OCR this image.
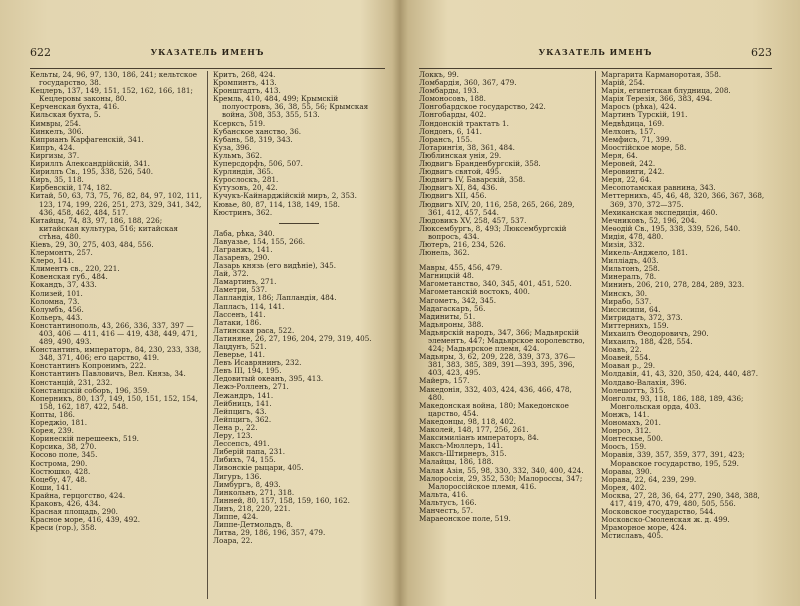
622	УКАЗАТЕЛЬ ИМЕНЪ

Кельты, 24, 96, 97, 130, 186, 241; кельтское государство, 38.

Кецлеръ, 137, 149, 151, 152, 162, 166, 181; Кецлеровы законы, 80.

Керченская бухта, 416.

Кильская бухта, 5.

Кимвры, 254.

Кинкелъ, 306.

Киприанъ Карфагенскій, 341.

Кипръ, 424.

Киргизы, 37.

Кириллъ Александрійскій, 341.

Кириллъ Св., 195, 338, 526, 540.

Киръ, 35, 118.

Кирбевскій, 174, 182.

Китай, 50, 63, 73, 75, 76, 82, 84, 97, 102, 111, 123, 174, 199, 226, 251, 273, 329, 341, 342, 436, 458, 462, 484, 517.

Китайцы, 74, 83, 97, 186, 188, 226; китайская культура, 516; китайская стѣна, 480.

Кіевъ, 29, 30, 275, 403, 484, 556.

Клермонтъ, 257.

Клеро, 141.

Климентъ св., 220, 221.

Ковенская губ., 484.

Кокандъ, 37, 433.

Колизей, 101.

Коломна, 73.

Колумбъ, 456.

Кольеръ, 443.

Константинополь, 43, 266, 336, 337, 397 — 403, 406 — 411, 416 — 419, 438, 449, 471, 489, 490, 493.

Константинъ, императоръ, 84, 230, 233, 338, 348, 371, 406; его царство, 419.

Константинъ Копронимъ, 222.

Константинъ Павловичъ, Вел. Князь, 34.

Констанцій, 231, 232.

Констанцскій соборъ, 196, 359.

Коперникъ, 80, 137, 149, 150, 151, 152, 154, 158, 162, 187, 422, 548.

Копты, 186.

Кореджіо, 181.

Корея, 239.

Коринескій перешеекъ, 519.

Корсика, 38, 270.

Косово поле, 345.

Кострома, 290.

Костюшко, 428.

Коцебу, 47, 48.

Коши, 141.

Крайна, герцогство, 424.

Краковъ, 426, 434.

Красная площадь, 290.

Красное море, 416, 439, 492.

Креси (гор.), 358.

Критъ, 268, 424.

Кромпинтъ, 413.

Кронштадтъ, 413.

Кремль, 410, 484, 499; Крымскій полуостровъ, 36, 38, 55, 56; Крымская война, 308, 353, 355, 513.

Ксерксъ, 519.

Кубанское ханство, 36.

Кубань, 58, 319, 343.

Куза, 396.

Кульмъ, 362.

Куперсдорфъ, 506, 507.

Курляндія, 365.

Курослоскъ, 281.

Кутузовъ, 20, 42.

Кучукъ-Кайнарджійскій миръ, 2, 353.

Кювье, 80, 87, 114, 138, 149, 158.

Кюстринъ, 362.

Лаба, рѣка, 340.

Лавуазье, 154, 155, 266.

Лагранжъ, 141.

Лазаревъ, 290.

Лазарь князь (его видѣніе), 345.

Лай, 372.

Ламартинъ, 271.

Ламетри, 537.

Лапландія, 186; Лапландія, 484.

Лапласъ, 114, 141.

Лассенъ, 141.

Латаки, 186.

Латинская раса, 522.

Латиняне, 26, 27, 196, 204, 279, 319, 405.

Лацдунъ, 521.

Леверье, 141.

Левъ Исаврянинъ, 232.

Левъ III, 194, 195.

Ледовитый океанъ, 395, 413.

Лежэ-Ролленъ, 271.

Лежандръ, 141.

Лейбницъ, 141.

Лейпцигъ, 43.

Лейпцигъ, 362.

Лена р., 22.

Леру, 123.

Лессепсъ, 491.

Либерій папа, 231.

Либихъ, 74, 155.

Ливонскіе рыцари, 405.

Лигуръ, 136.

Лимбургъ, 8, 493.

Линкольнъ, 271, 318.

Линней, 80, 157, 158, 159, 160, 162.

Линъ, 218, 220, 221.

Липпе, 424.

Липпе-Детмольдъ, 8.

Литва, 29, 186, 196, 357, 479.

Лоара, 22.

УКАЗАТЕЛЬ ИМЕНЪ	623

Локкъ, 99.

Ломбардія, 360, 367, 479.

Ломбарды, 193.

Ломоносовъ, 188.

Лонгобардское государство, 242.

Лонгобарды, 402.

Лондонскій трактатъ 1.

Лондонъ, 6, 141.

Лорансъ, 155.

Лотарингія, 38, 361, 484.

Люблинская унія, 29.

Людвигъ Бранденбургскій, 358.

Людвигъ святой, 495.

Людвигъ IV, Баварскій, 358.

Людвигъ XI, 84, 436.

Людвигъ XII, 456.

Людвигъ XIV, 20, 116, 258, 265, 266, 289, 361, 412, 457, 544.

Людовикъ XV, 258, 457, 537.

Люксембургъ, 8, 493; Люксембургскій вопросъ, 434.

Лютеръ, 216, 234, 526.

Люнель, 362.

Мавры, 455, 456, 479.

Магницкій 48.

Магометанство, 340, 345, 401, 451, 520.

Магометанскій востокъ, 400.

Магометъ, 342, 345.

Мадагаскаръ, 56.

Мадиниты, 51.

Мадьяроны, 388.

Мадьярскій народъ, 347, 366; Мадьярскій элементъ, 447; Мадьярское королевство, 424; Мадьярское племя, 424.

Мадьяры, 3, 62, 209, 228, 339, 373, 376—381, 383, 385, 389, 391—393, 395, 396, 403, 423, 495.

Майеръ, 157.

Македонія, 332, 403, 424, 436, 466, 478, 480.

Македонская война, 180; Македонское царство, 454.

Македонцы, 98, 118, 402.

Маколей, 148, 177, 256, 261.

Максимиліанъ императоръ, 84.

Максъ-Мюллеръ, 141.

Максъ-Штирнеръ, 315.

Малайцы, 186, 188.

Малая Азія, 55, 98, 330, 332, 340, 400, 424.

Малороссія, 29, 352, 530; Малороссы, 347; Малороссійское племя, 416.

Мальта, 416.

Мальтусъ, 166.

Манчестъ, 57.

Мараеонское поле, 519.

Маргарита Карманоротая, 358.

Марій, 254.

Марія, египетская блудница, 208.

Марія Терезія, 366, 383, 494.

Маросъ (рѣка), 424.

Мартинъ Турскій, 191.

Медвѣдица, 169.

Мелхонъ, 157.

Мемфисъ, 71, 399.

Моостійское море, 58.

Меря, 64.

Меровей, 242.

Меровинги, 242.

Меря, 22, 64.

Месопотамская равнина, 343.

Меттернихъ, 45, 46, 48, 320, 366, 367, 368, 369, 370, 372—375.

Мехиканская экспедиція, 460.

Мечниковъ, 52, 196, 204.

Меѳодій Св., 195, 338, 339, 526, 540.

Мидія, 478, 480.

Мизія, 332.

Микель-Анджело, 181.

Милліадъ, 403.

Мильтонъ, 258.

Минералъ, 78.

Мининъ, 206, 210, 278, 284, 289, 323.

Минскъ, 30.

Мирабо, 537.

Миссисипи, 64.

Митридатъ, 372, 373.

Миттернихъ, 159.

Михаилъ Өеодоровичъ, 290.

Михаилъ, 188, 428, 554.

Моавъ, 22.

Моавей, 554.

Моавая р., 29.

Молдавія, 41, 43, 320, 350, 424, 440, 487.

Молдаво-Валахія, 396.

Молешоттъ, 315.

Монголы, 93, 118, 186, 188, 189, 436; Монгольская орда, 403.

Монжъ, 141.

Мономахъ, 201.

Монроэ, 312.

Монтескье, 500.

Моосъ, 159.

Моравія, 339, 357, 359, 377, 391, 423; Моравское государство, 195, 529.

Моравы, 390.

Морава, 22, 64, 239, 299.

Морея, 402.

Москва, 27, 28, 36, 64, 277, 290, 348, 388, 417, 419, 470, 479, 480, 505, 556.

Московское государство, 544.

Московско-Смоленская ж. д. 499.

Мраморное море, 424.

Мстиславъ, 405.
